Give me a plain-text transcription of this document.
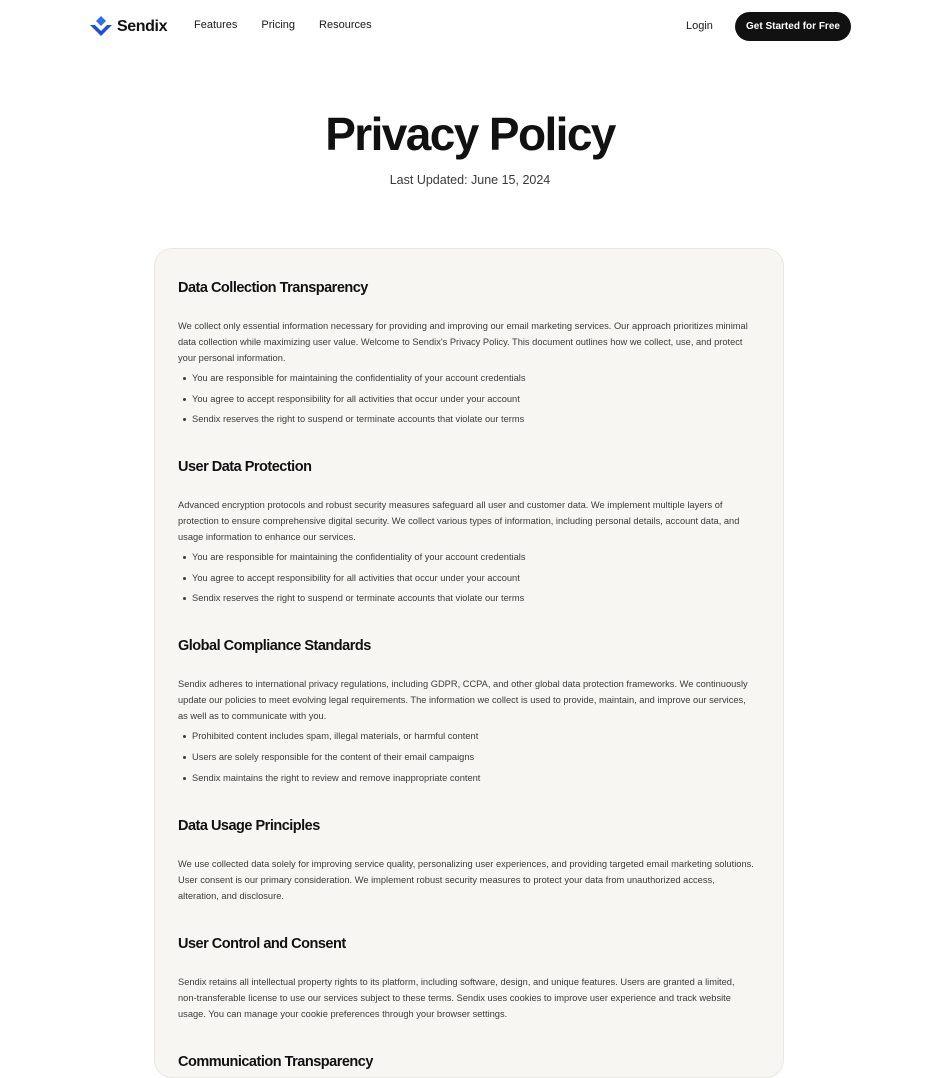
Sendix Features Pricing Resources	Login	Get Started for Free
Privacy Policy
Last Updated: June 15, 2024
Data Collection Transparency

We collect only essential information necessary for providing and improving our email marketing services. Our approach prioritizes minimal data collection while maximizing user value. Welcome to Sendix's Privacy Policy. This document outlines how we collect, use, and protect your personal information.

You are responsible for maintaining the confidentiality of your account credentials
You agree to accept responsibility for all activities that occur under your account
Sendix reserves the right to suspend or terminate accounts that violate our terms
User Data Protection

Advanced encryption protocols and robust security measures safeguard all user and customer data. We implement multiple layers of protection to ensure comprehensive digital security. We collect various types of information, including personal details, account data, and usage information to enhance our services.

You are responsible for maintaining the confidentiality of your account credentials
You agree to accept responsibility for all activities that occur under your account
Sendix reserves the right to suspend or terminate accounts that violate our terms
Global Compliance Standards

Sendix adheres to international privacy regulations, including GDPR, CCPA, and other global data protection frameworks. We continuously update our policies to meet evolving legal requirements. The information we collect is used to provide, maintain, and improve our services, as well as to communicate with you.

Prohibited content includes spam, illegal materials, or harmful content
Users are solely responsible for the content of their email campaigns
Sendix maintains the right to review and remove inappropriate content
Data Usage Principles

We use collected data solely for improving service quality, personalizing user experiences, and providing targeted email marketing solutions. User consent is our primary consideration. We implement robust security measures to protect your data from unauthorized access, alteration, and disclosure.

User Control and Consent

Sendix retains all intellectual property rights to its platform, including software, design, and unique features. Users are granted a limited, non-transferable license to use our services subject to these terms. Sendix uses cookies to improve user experience and track website usage. You can manage your cookie preferences through your browser settings.

Communication Transparency
